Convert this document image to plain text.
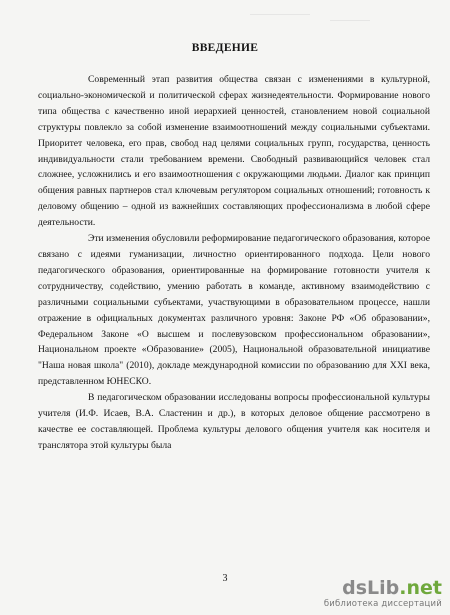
ВВЕДЕНИЕ

Современный этап развития общества связан с изменениями в культурной, социально-экономической и политической сферах жизнедеятельности. Формирование нового типа общества с качественно иной иерархией ценностей, становлением новой социальной структуры повлекло за собой изменение взаимоотношений между социальными субъектами. Приоритет человека, его прав, свобод над целями социальных групп, государства, ценность индивидуальности стали требованием времени. Свободный развивающийся человек стал сложнее, усложнились и его взаимоотношения с окружающими людьми. Диалог как принцип общения равных партнеров стал ключевым регулятором социальных отношений; готовность к деловому общению – одной из важнейших составляющих профессионализма в любой сфере деятельности.

Эти изменения обусловили реформирование педагогического образования, которое связано с идеями гуманизации, личностно ориентированного подхода. Цели нового педагогического образования, ориентированные на формирование готовности учителя к сотрудничеству, содействию, умению работать в команде, активному взаимодействию с различными социальными субъектами, участвующими в образовательном процессе, нашли отражение в официальных документах различного уровня: Законе РФ «Об образовании», Федеральном Законе «О высшем и послевузовском профессиональном образовании», Национальном проекте «Образование» (2005), Национальной образовательной инициативе "Наша новая школа" (2010), докладе международной комиссии по образованию для XXI века, представленном ЮНЕСКО.

В педагогическом образовании исследованы вопросы профессиональной культуры учителя (И.Ф. Исаев, В.А. Сластенин и др.), в которых деловое общение рассмотрено в качестве ее составляющей. Проблема культуры делового общения учителя как носителя и транслятора этой культуры была

3	dsLib .net
библиотека диссертаций
